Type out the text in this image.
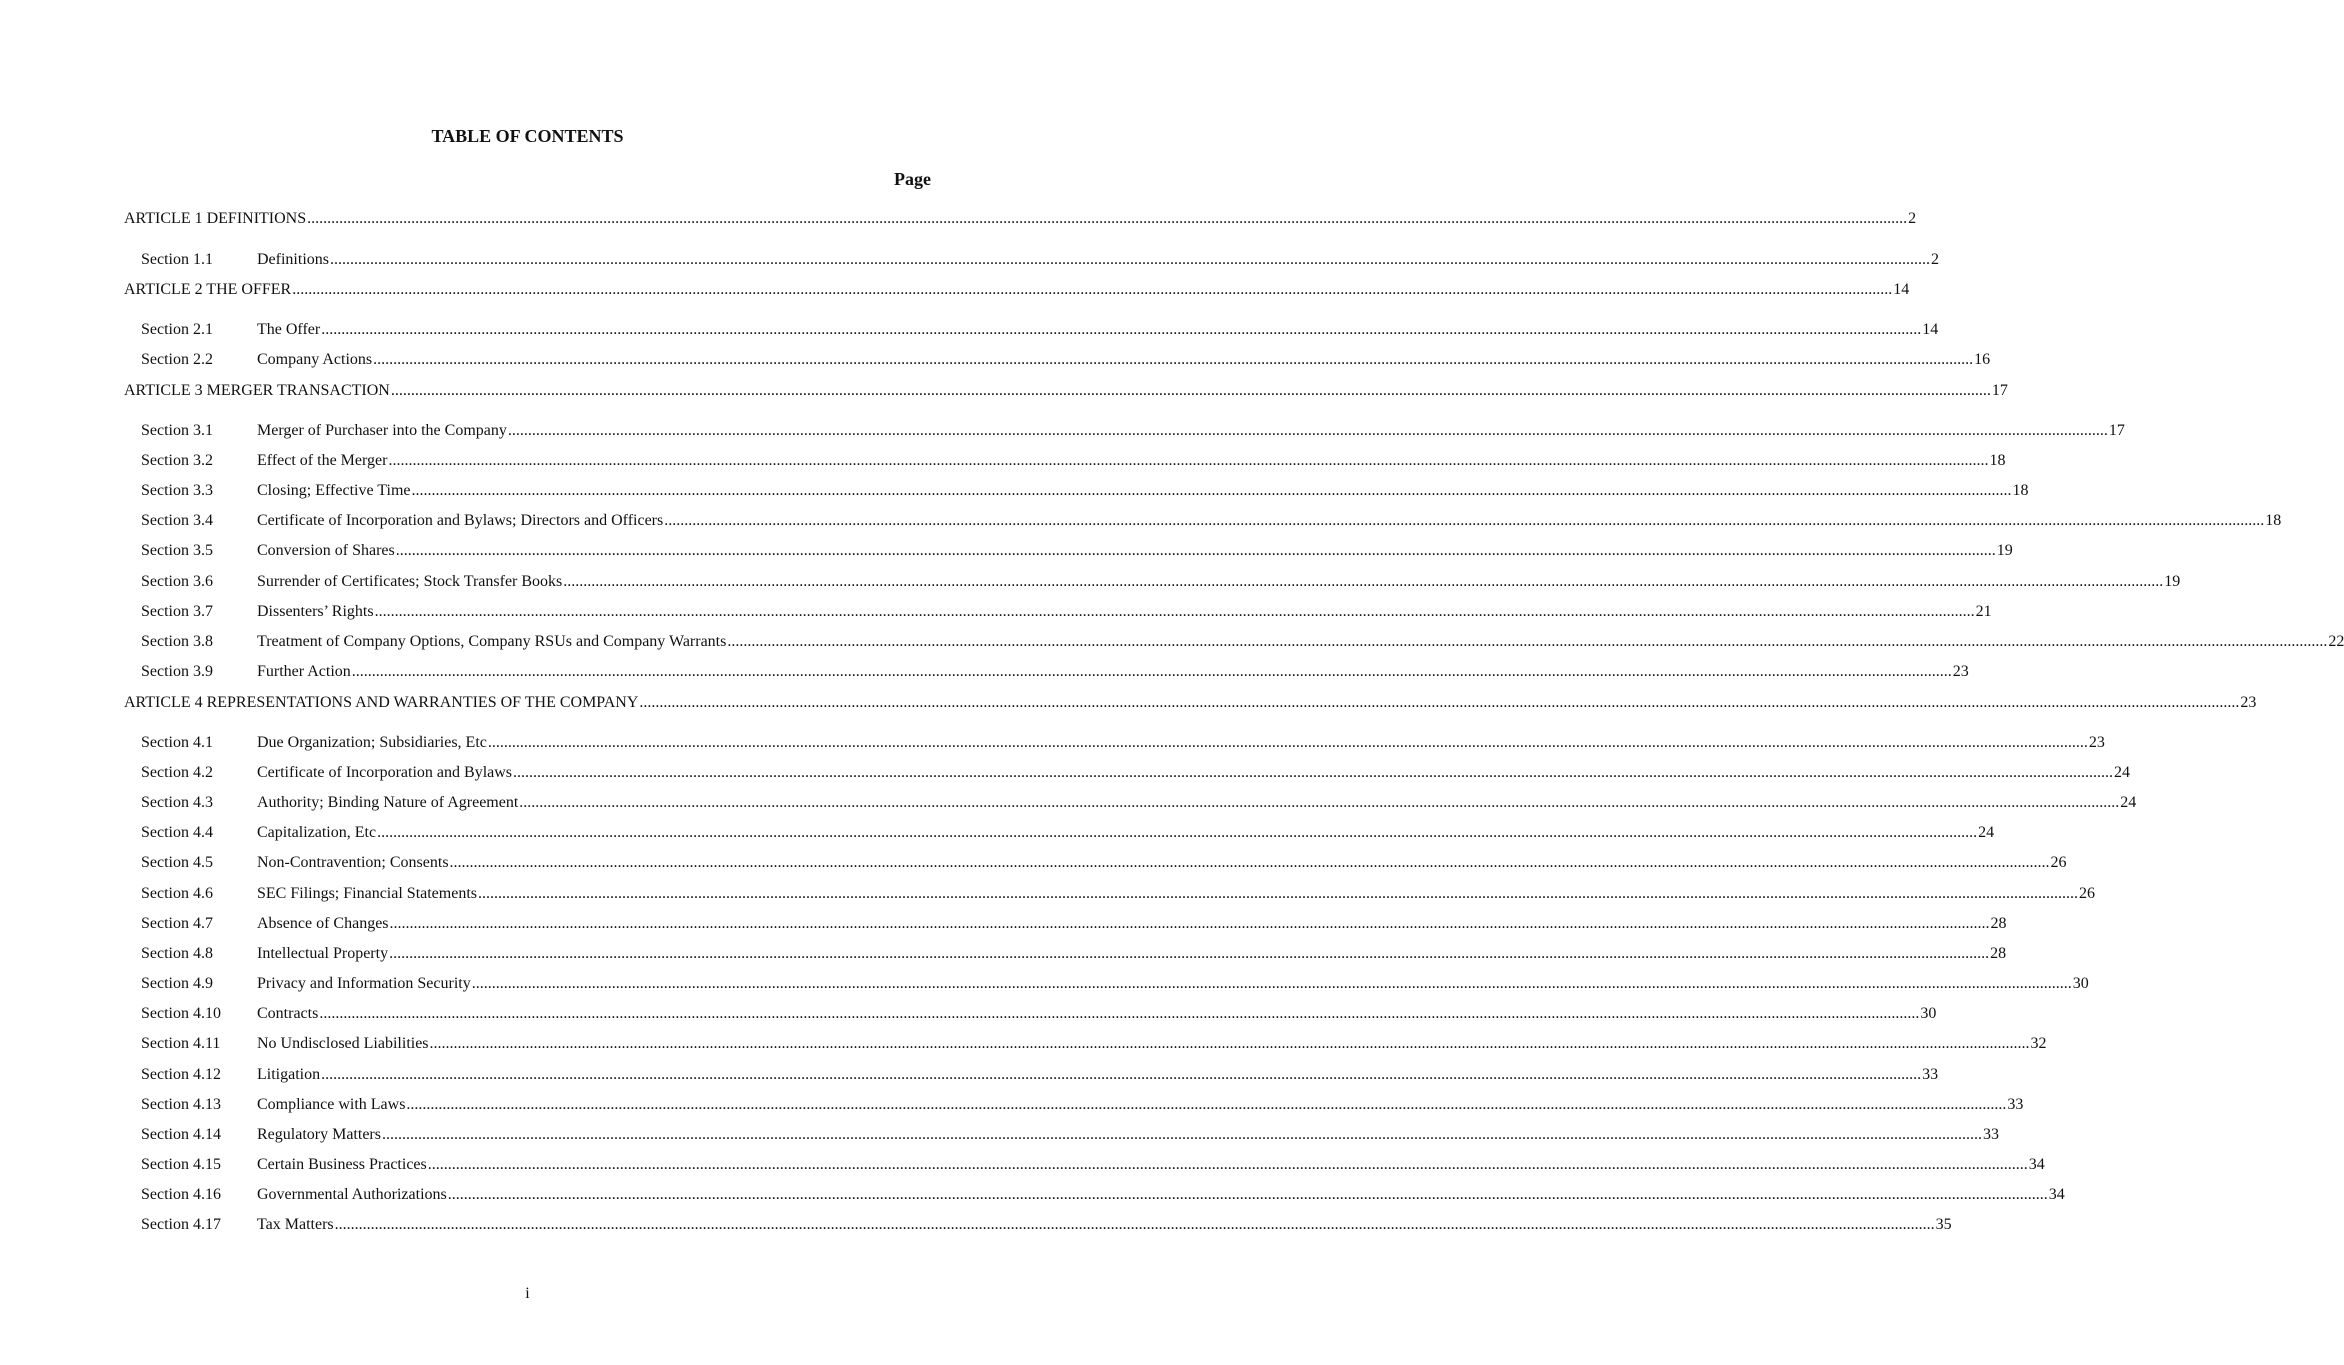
TABLE OF CONTENTS
Page
ARTICLE 1 DEFINITIONS ................................................................................................................................................................................................................................................................................................................................................................................................................ 2
Section 1.1	Definitions ................................................................................................................................................................................................................................................................................................................................................................................................................ 2
ARTICLE 2 THE OFFER ................................................................................................................................................................................................................................................................................................................................................................................................................ 14
Section 2.1	The Offer ................................................................................................................................................................................................................................................................................................................................................................................................................ 14
Section 2.2	Company Actions ................................................................................................................................................................................................................................................................................................................................................................................................................ 16
ARTICLE 3 MERGER TRANSACTION ................................................................................................................................................................................................................................................................................................................................................................................................................ 17
Section 3.1	Merger of Purchaser into the Company ................................................................................................................................................................................................................................................................................................................................................................................................................ 17
Section 3.2	Effect of the Merger ................................................................................................................................................................................................................................................................................................................................................................................................................ 18
Section 3.3	Closing; Effective Time ................................................................................................................................................................................................................................................................................................................................................................................................................ 18
Section 3.4	Certificate of Incorporation and Bylaws; Directors and Officers ................................................................................................................................................................................................................................................................................................................................................................................................................ 18
Section 3.5	Conversion of Shares ................................................................................................................................................................................................................................................................................................................................................................................................................ 19
Section 3.6	Surrender of Certificates; Stock Transfer Books ................................................................................................................................................................................................................................................................................................................................................................................................................ 19
Section 3.7	Dissenters’ Rights ................................................................................................................................................................................................................................................................................................................................................................................................................ 21
Section 3.8	Treatment of Company Options, Company RSUs and Company Warrants ................................................................................................................................................................................................................................................................................................................................................................................................................ 22
Section 3.9	Further Action ................................................................................................................................................................................................................................................................................................................................................................................................................ 23
ARTICLE 4 REPRESENTATIONS AND WARRANTIES OF THE COMPANY ................................................................................................................................................................................................................................................................................................................................................................................................................ 23
Section 4.1	Due Organization; Subsidiaries, Etc ................................................................................................................................................................................................................................................................................................................................................................................................................ 23
Section 4.2	Certificate of Incorporation and Bylaws ................................................................................................................................................................................................................................................................................................................................................................................................................ 24
Section 4.3	Authority; Binding Nature of Agreement ................................................................................................................................................................................................................................................................................................................................................................................................................ 24
Section 4.4	Capitalization, Etc ................................................................................................................................................................................................................................................................................................................................................................................................................ 24
Section 4.5	Non-Contravention; Consents ................................................................................................................................................................................................................................................................................................................................................................................................................ 26
Section 4.6	SEC Filings; Financial Statements ................................................................................................................................................................................................................................................................................................................................................................................................................ 26
Section 4.7	Absence of Changes ................................................................................................................................................................................................................................................................................................................................................................................................................ 28
Section 4.8	Intellectual Property ................................................................................................................................................................................................................................................................................................................................................................................................................ 28
Section 4.9	Privacy and Information Security ................................................................................................................................................................................................................................................................................................................................................................................................................ 30
Section 4.10	Contracts ................................................................................................................................................................................................................................................................................................................................................................................................................ 30
Section 4.11	No Undisclosed Liabilities ................................................................................................................................................................................................................................................................................................................................................................................................................ 32
Section 4.12	Litigation ................................................................................................................................................................................................................................................................................................................................................................................................................ 33
Section 4.13	Compliance with Laws ................................................................................................................................................................................................................................................................................................................................................................................................................ 33
Section 4.14	Regulatory Matters ................................................................................................................................................................................................................................................................................................................................................................................................................ 33
Section 4.15	Certain Business Practices ................................................................................................................................................................................................................................................................................................................................................................................................................ 34
Section 4.16	Governmental Authorizations ................................................................................................................................................................................................................................................................................................................................................................................................................ 34
Section 4.17	Tax Matters ................................................................................................................................................................................................................................................................................................................................................................................................................ 35
i
